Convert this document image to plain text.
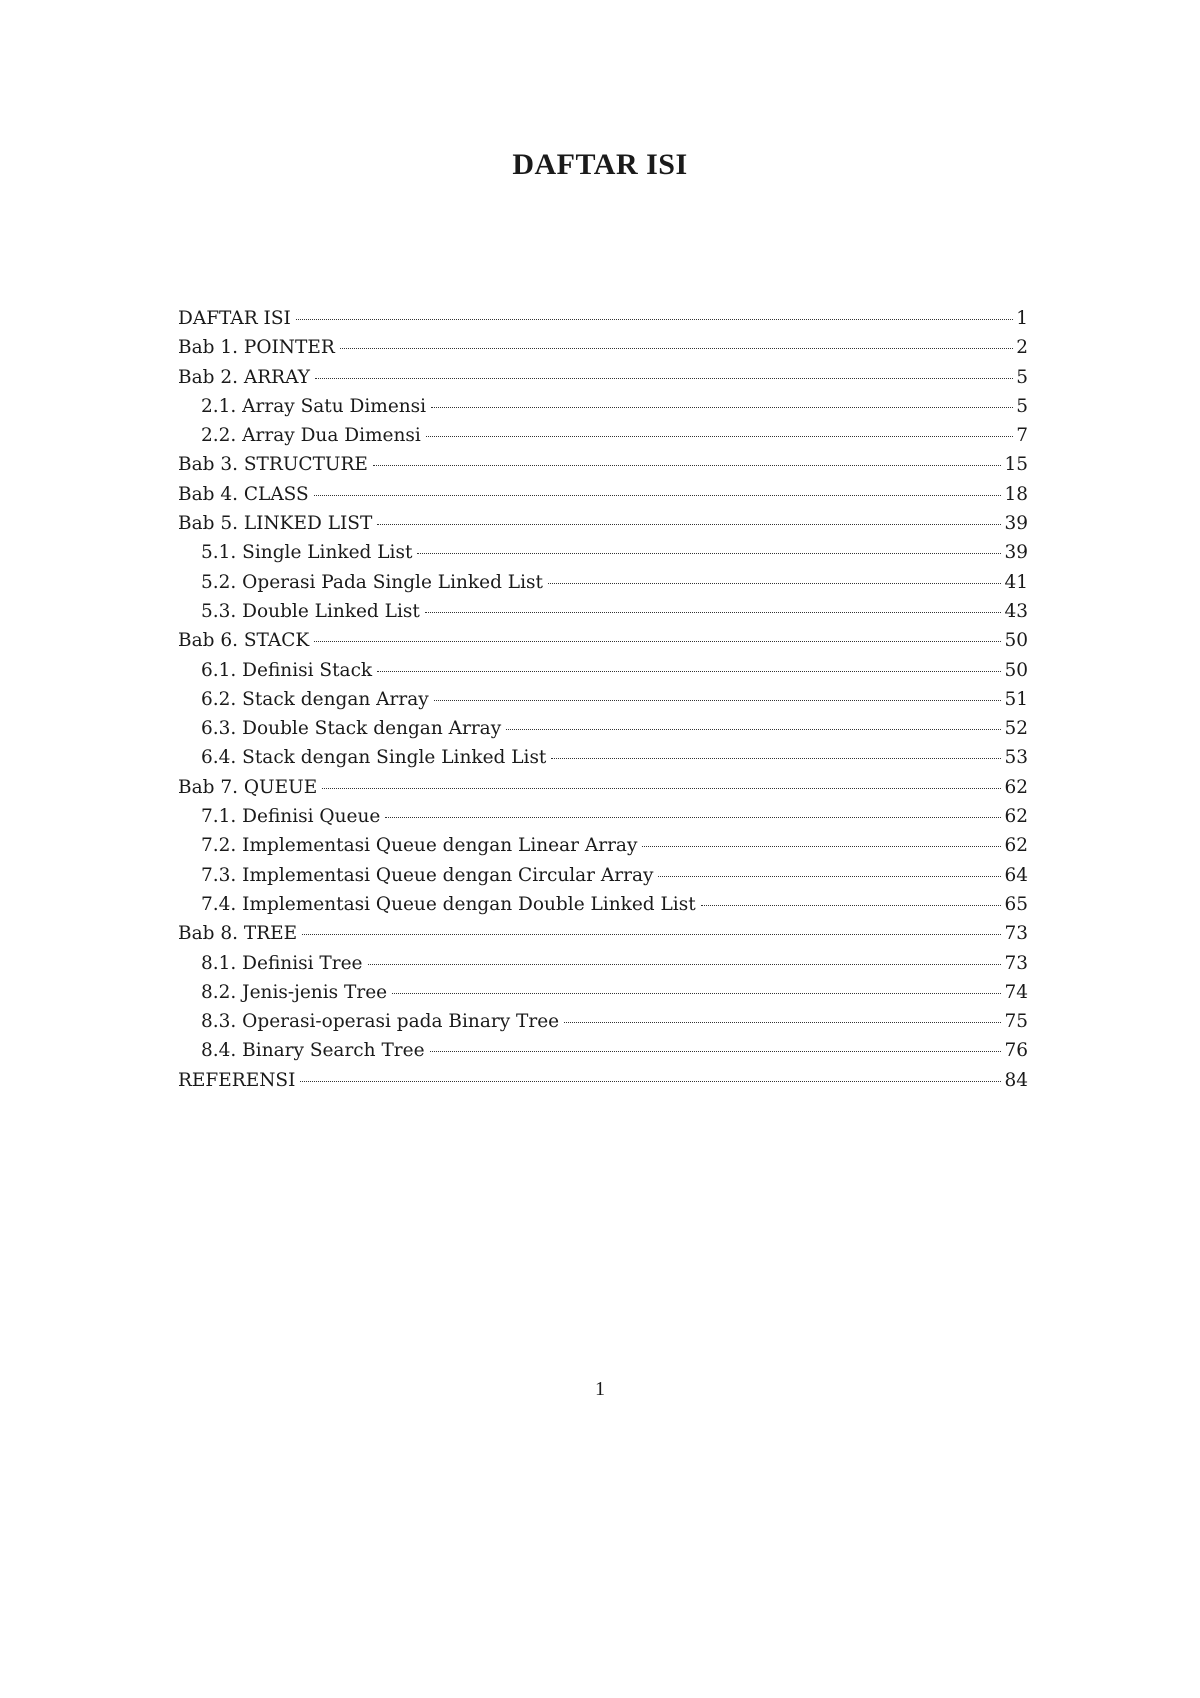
DAFTAR ISI
DAFTAR ISI	1
Bab 1. POINTER	2
Bab 2. ARRAY	5
2.1. Array Satu Dimensi	5
2.2. Array Dua Dimensi	7
Bab 3. STRUCTURE	15
Bab 4. CLASS	18
Bab 5. LINKED LIST	39
5.1. Single Linked List	39
5.2. Operasi Pada Single Linked List	41
5.3. Double Linked List	43
Bab 6. STACK	50
6.1. Definisi Stack	50
6.2. Stack dengan Array	51
6.3. Double Stack dengan Array	52
6.4. Stack dengan Single Linked List	53
Bab 7. QUEUE	62
7.1. Definisi Queue	62
7.2. Implementasi Queue dengan Linear Array	62
7.3. Implementasi Queue dengan Circular Array	64
7.4. Implementasi Queue dengan Double Linked List	65
Bab 8. TREE	73
8.1. Definisi Tree	73
8.2. Jenis-jenis Tree	74
8.3. Operasi-operasi pada Binary Tree	75
8.4. Binary Search Tree	76
REFERENSI	84
1
